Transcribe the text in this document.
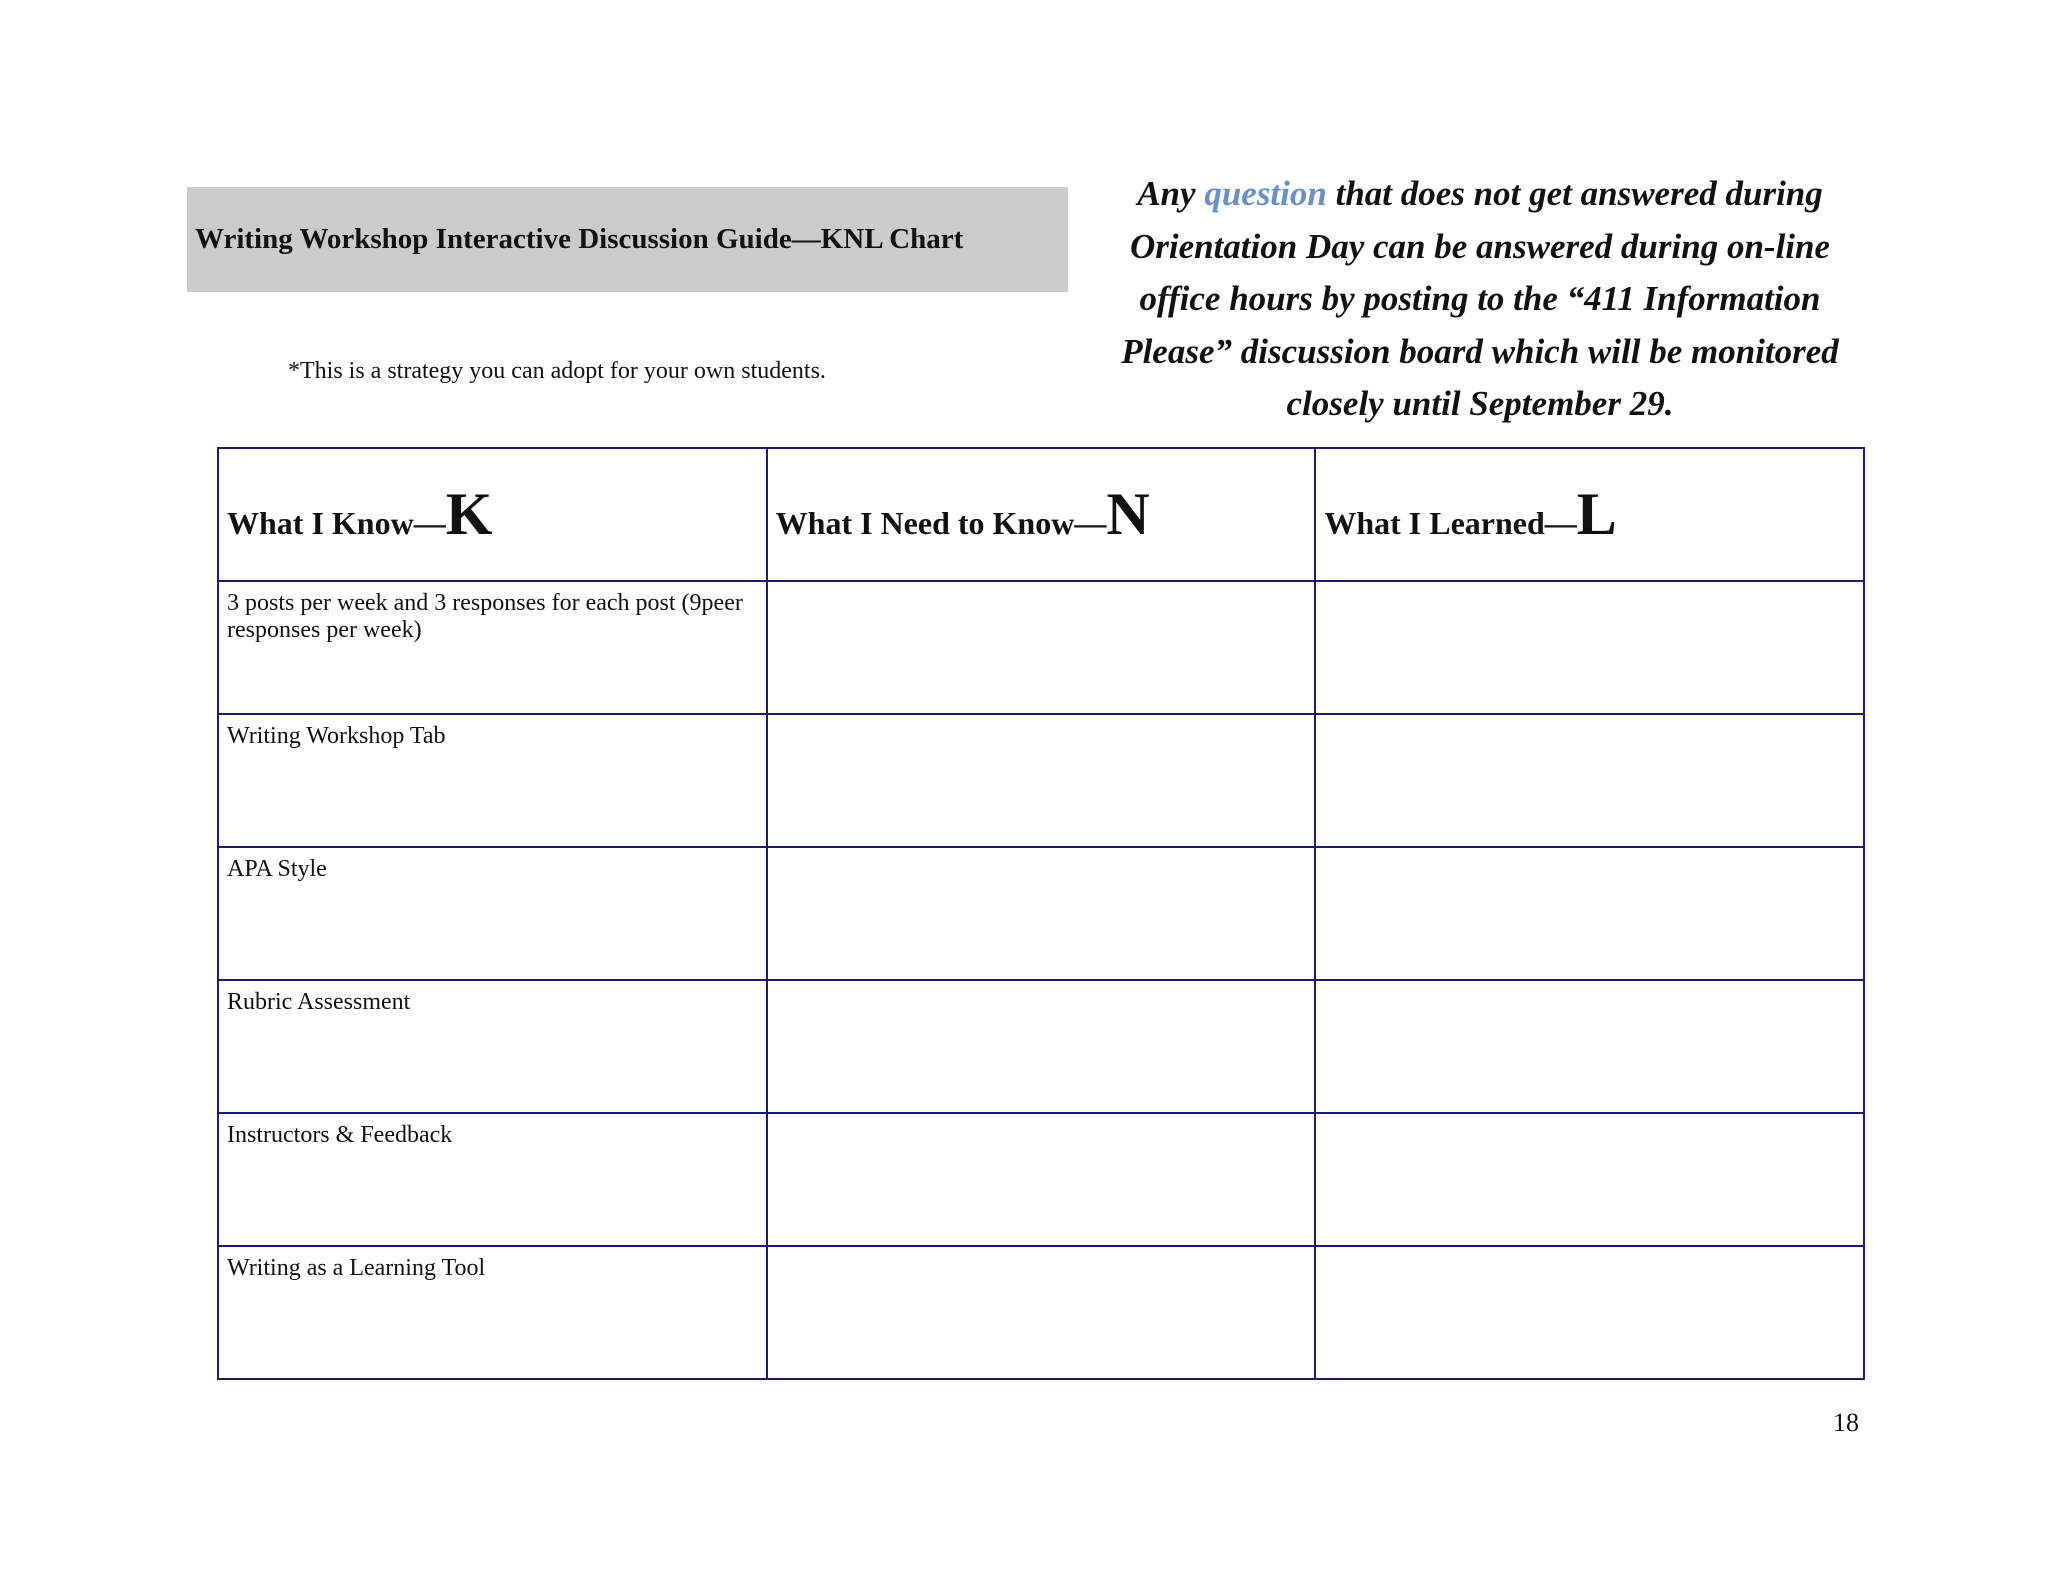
Writing Workshop Interactive Discussion Guide—KNL Chart
*This is a strategy you can adopt for your own students.
Any question that does not get answered during Orientation Day can be answered during on-line office hours by posting to the “411 Information Please” discussion board which will be monitored closely until September 29.
What I Know—K	What I Need to Know—N	What I Learned—L
3 posts per week and 3 responses for each post (9peer responses per week)		
Writing Workshop Tab		
APA Style		
Rubric Assessment		
Instructors & Feedback		
Writing as a Learning Tool		
18
